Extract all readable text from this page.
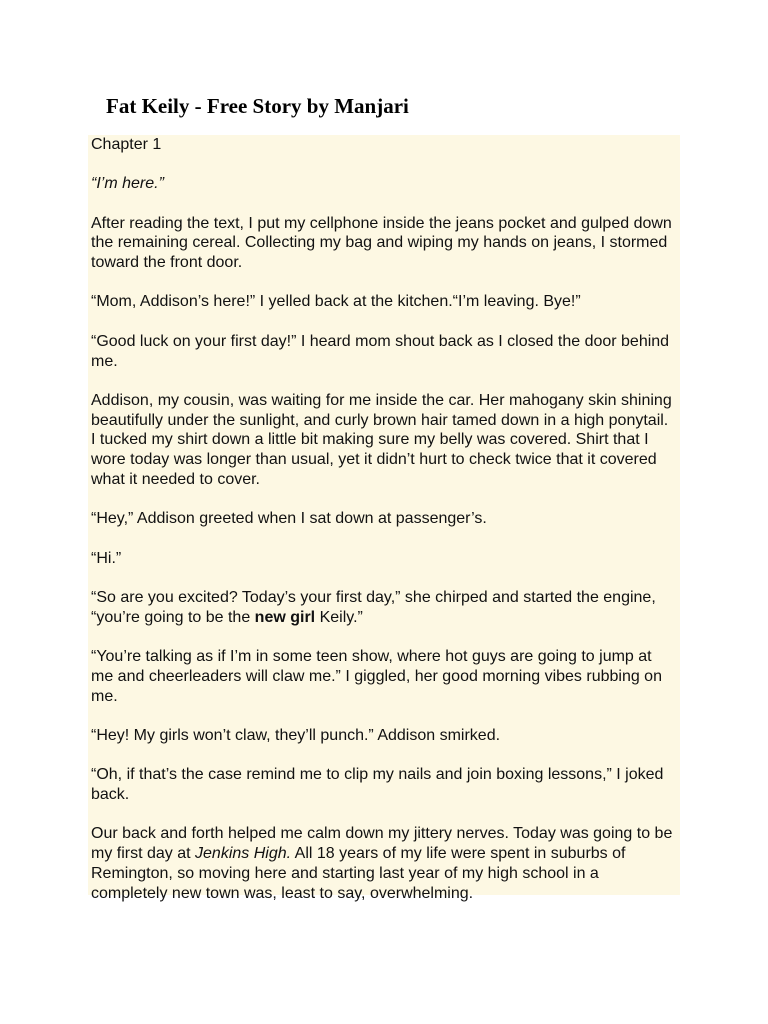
Fat Keily - Free Story by Manjari

Chapter 1

“I’m here.”

After reading the text, I put my cellphone inside the jeans pocket and gulped down the remaining cereal. Collecting my bag and wiping my hands on jeans, I stormed toward the front door.

“Mom, Addison’s here!” I yelled back at the kitchen.“I’m leaving. Bye!”

“Good luck on your first day!” I heard mom shout back as I closed the door behind me.

Addison, my cousin, was waiting for me inside the car. Her mahogany skin shining beautifully under the sunlight, and curly brown hair tamed down in a high ponytail. I tucked my shirt down a little bit making sure my belly was covered. Shirt that I wore today was longer than usual, yet it didn’t hurt to check twice that it covered what it needed to cover.

“Hey,” Addison greeted when I sat down at passenger’s.

“Hi.”

“So are you excited? Today’s your first day,” she chirped and started the engine, “you’re going to be the new girl Keily.”

“You’re talking as if I’m in some teen show, where hot guys are going to jump at me and cheerleaders will claw me.” I giggled, her good morning vibes rubbing on me.

“Hey! My girls won’t claw, they’ll punch.” Addison smirked.

“Oh, if that’s the case remind me to clip my nails and join boxing lessons,” I joked back.

Our back and forth helped me calm down my jittery nerves. Today was going to be my first day at Jenkins High. All 18 years of my life were spent in suburbs of Remington, so moving here and starting last year of my high school in a completely new town was, least to say, overwhelming.
